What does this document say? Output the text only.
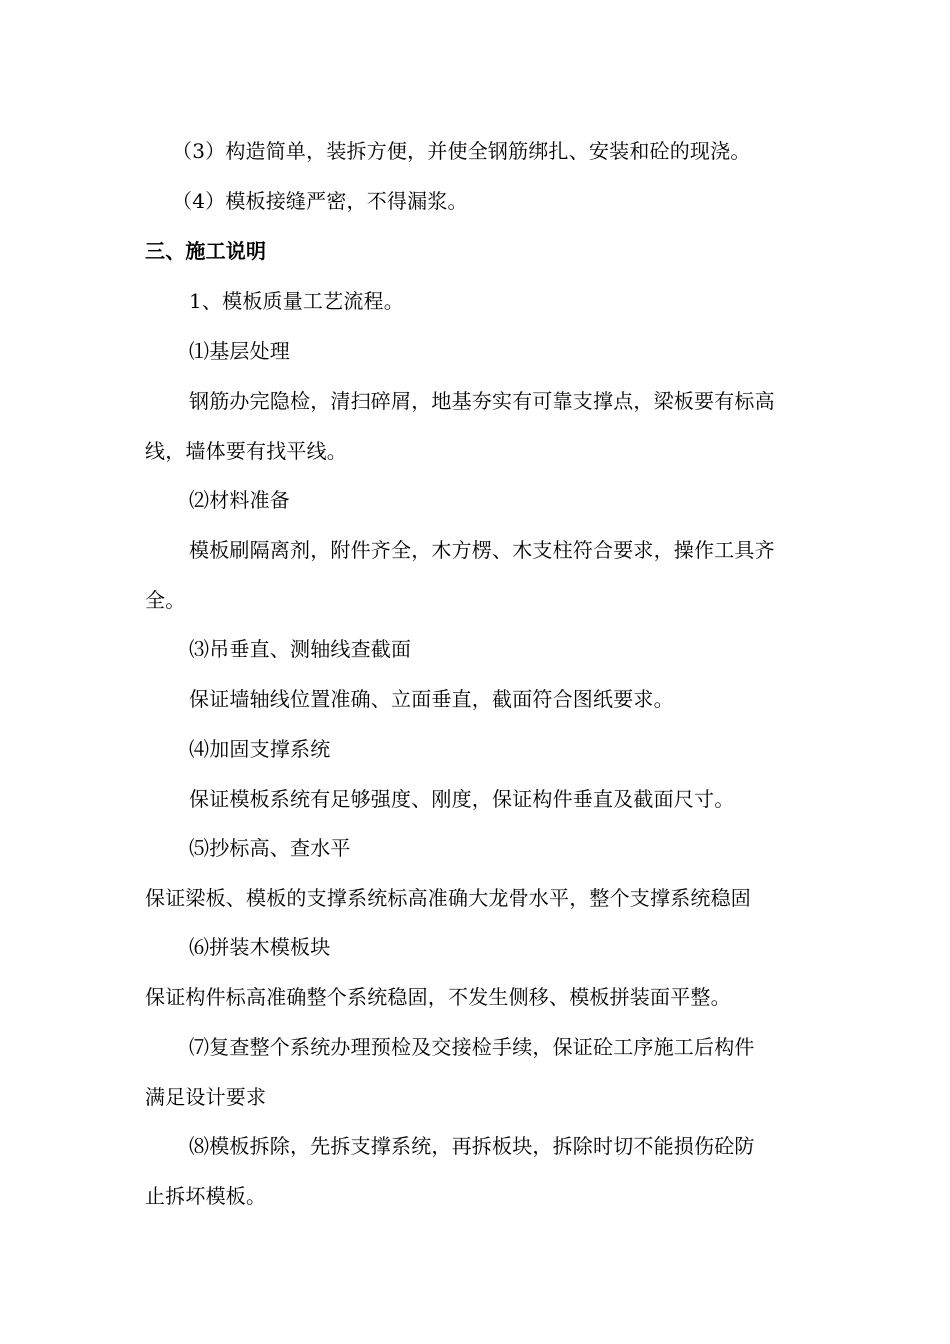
（3）构造简单，装拆方便，并使全钢筋绑扎、安装和砼的现浇。
（4）模板接缝严密，不得漏浆。
三、施工说明
1、模板质量工艺流程。
⑴基层处理
钢筋办完隐检，清扫碎屑，地基夯实有可靠支撑点，梁板要有标高
线，墙体要有找平线。
⑵材料准备
模板刷隔离剂，附件齐全，木方楞、木支柱符合要求，操作工具齐
全。
⑶吊垂直、测轴线查截面
保证墙轴线位置准确、立面垂直，截面符合图纸要求。
⑷加固支撑系统
保证模板系统有足够强度、刚度，保证构件垂直及截面尺寸。
⑸抄标高、查水平
保证梁板、模板的支撑系统标高准确大龙骨水平，整个支撑系统稳固
⑹拼装木模板块
保证构件标高准确整个系统稳固，不发生侧移、模板拼装面平整。
⑺复查整个系统办理预检及交接检手续，保证砼工序施工后构件
满足设计要求
⑻模板拆除，先拆支撑系统，再拆板块，拆除时切不能损伤砼防
止拆坏模板。
